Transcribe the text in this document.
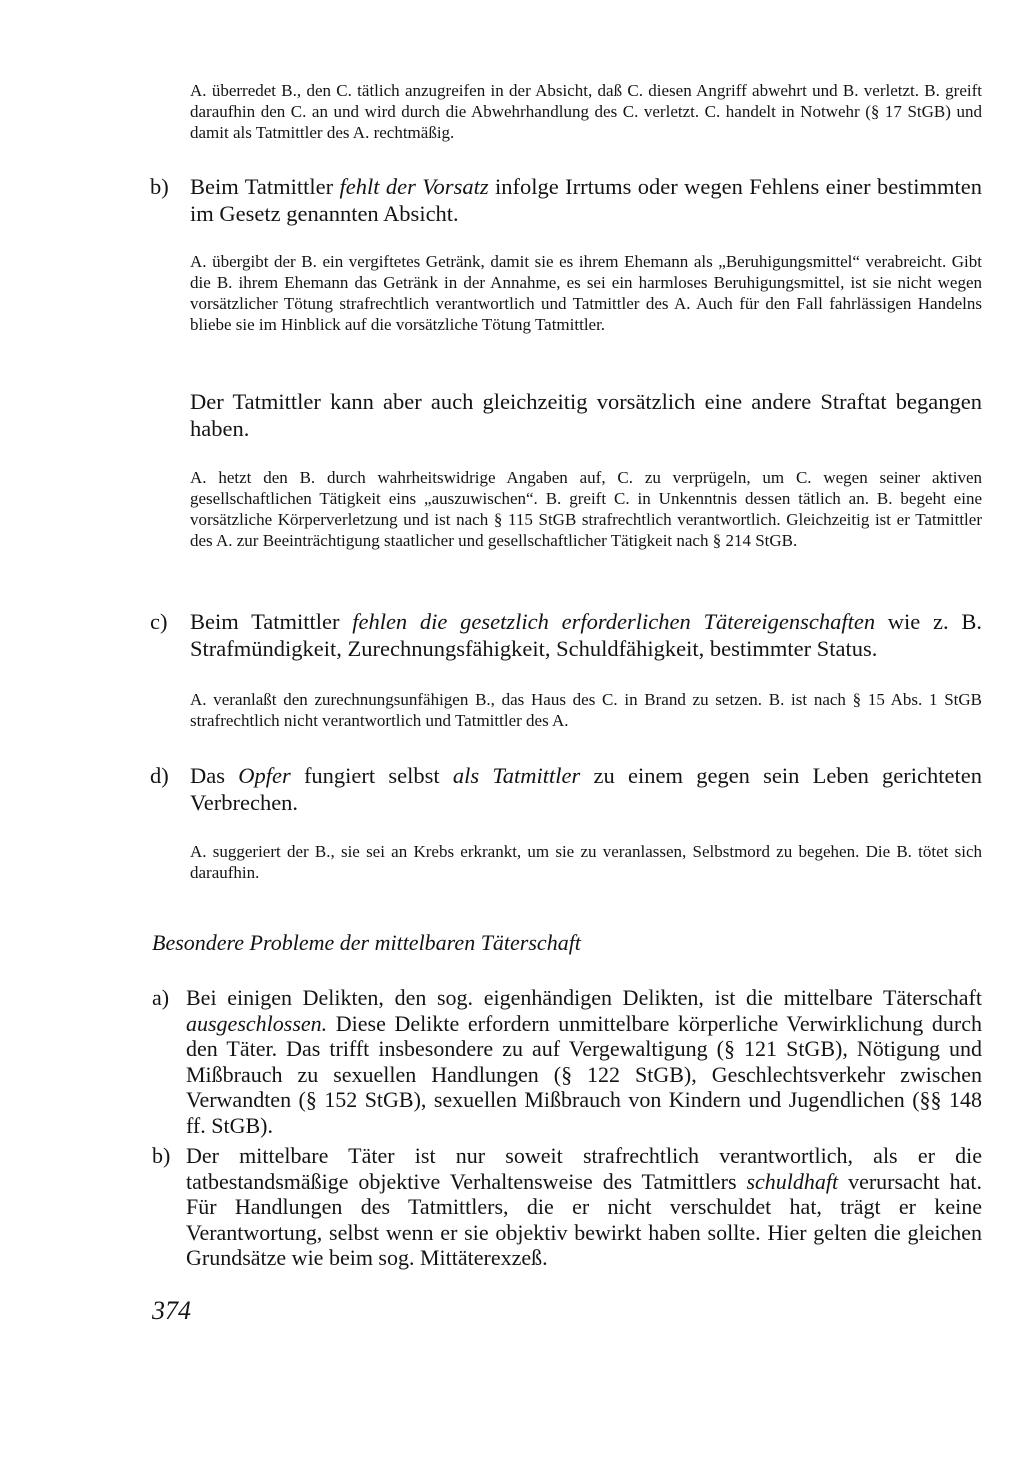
A. überredet B., den C. tätlich anzugreifen in der Absicht, daß C. diesen Angriff abwehrt und B. verletzt. B. greift daraufhin den C. an und wird durch die Abwehrhandlung des C. verletzt. C. handelt in Notwehr (§ 17 StGB) und damit als Tatmittler des A. rechtmäßig.

b) Beim Tatmittler fehlt der Vorsatz infolge Irrtums oder wegen Fehlens einer bestimmten im Gesetz genannten Absicht.

A. übergibt der B. ein vergiftetes Getränk, damit sie es ihrem Ehemann als „Beruhigungsmittel“ verabreicht. Gibt die B. ihrem Ehemann das Getränk in der Annahme, es sei ein harmloses Beruhigungsmittel, ist sie nicht wegen vorsätzlicher Tötung strafrechtlich verantwortlich und Tatmittler des A. Auch für den Fall fahrlässigen Handelns bliebe sie im Hinblick auf die vorsätzliche Tötung Tatmittler.

Der Tatmittler kann aber auch gleichzeitig vorsätzlich eine andere Straftat begangen haben.

A. hetzt den B. durch wahrheitswidrige Angaben auf, C. zu verprügeln, um C. wegen seiner aktiven gesellschaftlichen Tätigkeit eins „auszuwischen“. B. greift C. in Unkenntnis dessen tätlich an. B. begeht eine vorsätzliche Körperverletzung und ist nach § 115 StGB strafrechtlich verantwortlich. Gleichzeitig ist er Tatmittler des A. zur Beeinträchtigung staatlicher und gesellschaftlicher Tätigkeit nach § 214 StGB.

c)	Beim Tatmittler fehlen die gesetzlich erforderlichen Tätereigenschaften wie z. B. Strafmündigkeit, Zurechnungsfähigkeit, Schuldfähigkeit, bestimmter Status.

A. veranlaßt den zurechnungsunfähigen B., das Haus des C. in Brand zu setzen. B. ist nach § 15 Abs. 1 StGB strafrechtlich nicht verantwortlich und Tatmittler des A.

d) Das Opfer fungiert selbst als Tatmittler zu einem gegen sein Leben gerichteten Verbrechen.

A. suggeriert der B., sie sei an Krebs erkrankt, um sie zu veranlassen, Selbstmord zu begehen. Die B. tötet sich daraufhin.

Besondere Probleme der mittelbaren Täterschaft
a) Bei einigen Delikten, den sog. eigenhändigen Delikten, ist die mittelbare Täterschaft ausgeschlossen. Diese Delikte erfordern unmittelbare körperliche Verwirklichung durch den Täter. Das trifft insbesondere zu auf Vergewaltigung (§ 121 StGB), Nötigung und Mißbrauch zu sexuellen Handlungen (§ 122 StGB), Geschlechtsverkehr zwischen Verwandten (§ 152 StGB), sexuellen Mißbrauch von Kindern und Jugendlichen (§§ 148 ff. StGB).
b) Der mittelbare Täter ist nur soweit strafrechtlich verantwortlich, als er die tatbestandsmäßige objektive Verhaltensweise des Tatmittlers schuldhaft verursacht hat. Für Handlungen des Tatmittlers, die er nicht verschuldet hat, trägt er keine Verantwortung, selbst wenn er sie objektiv bewirkt haben sollte. Hier gelten die gleichen Grundsätze wie beim sog. Mittäterexzeß.
374
